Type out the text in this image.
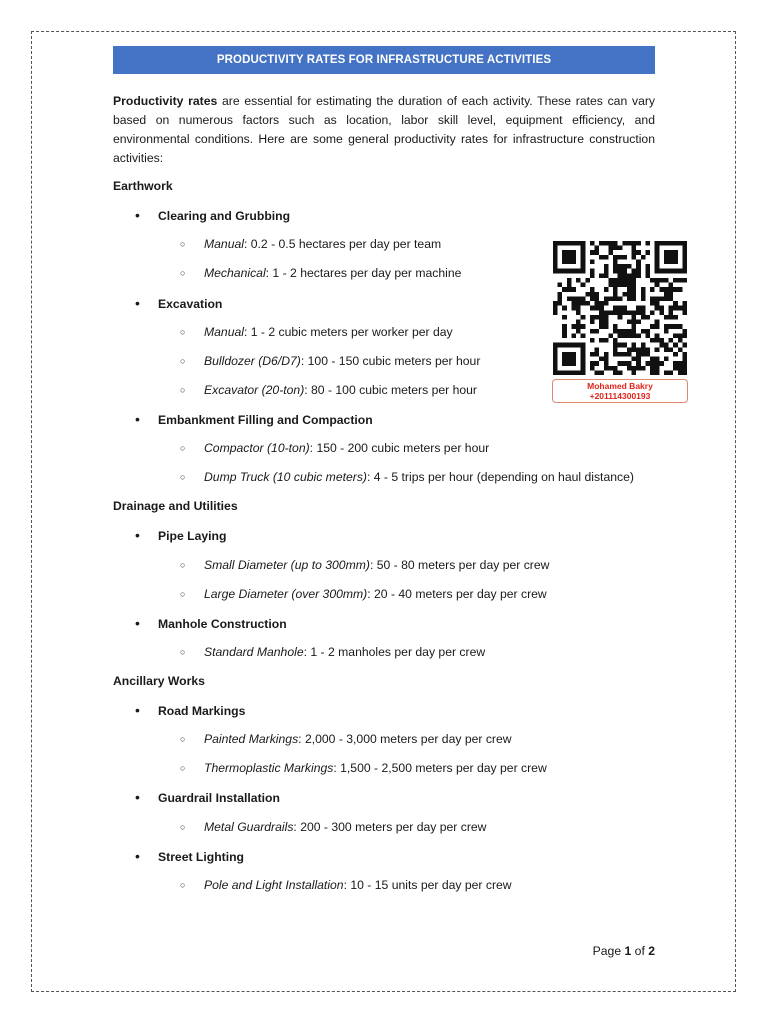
PRODUCTIVITY RATES FOR INFRASTRUCTURE ACTIVITIES
Productivity rates are essential for estimating the duration of each activity. These rates can vary based on numerous factors such as location, labor skill level, equipment efficiency, and environmental conditions. Here are some general productivity rates for infrastructure construction activities:
Earthwork
• Clearing and Grubbing
○ Manual: 0.2 - 0.5 hectares per day per team
○ Mechanical: 1 - 2 hectares per day per machine
• Excavation
○ Manual: 1 - 2 cubic meters per worker per day
○ Bulldozer (D6/D7): 100 - 150 cubic meters per hour
○ Excavator (20-ton): 80 - 100 cubic meters per hour
• Embankment Filling and Compaction
○ Compactor (10-ton): 150 - 200 cubic meters per hour
○ Dump Truck (10 cubic meters): 4 - 5 trips per hour (depending on haul distance)
Drainage and Utilities
• Pipe Laying
○ Small Diameter (up to 300mm): 50 - 80 meters per day per crew
○ Large Diameter (over 300mm): 20 - 40 meters per day per crew
• Manhole Construction
○ Standard Manhole: 1 - 2 manholes per day per crew
Ancillary Works
• Road Markings
○ Painted Markings: 2,000 - 3,000 meters per day per crew
○ Thermoplastic Markings: 1,500 - 2,500 meters per day per crew
• Guardrail Installation
○ Metal Guardrails: 200 - 300 meters per day per crew
• Street Lighting
○ Pole and Light Installation: 10 - 15 units per day per crew
Mohamed Bakry
+201114300193
Page 1 of 2
